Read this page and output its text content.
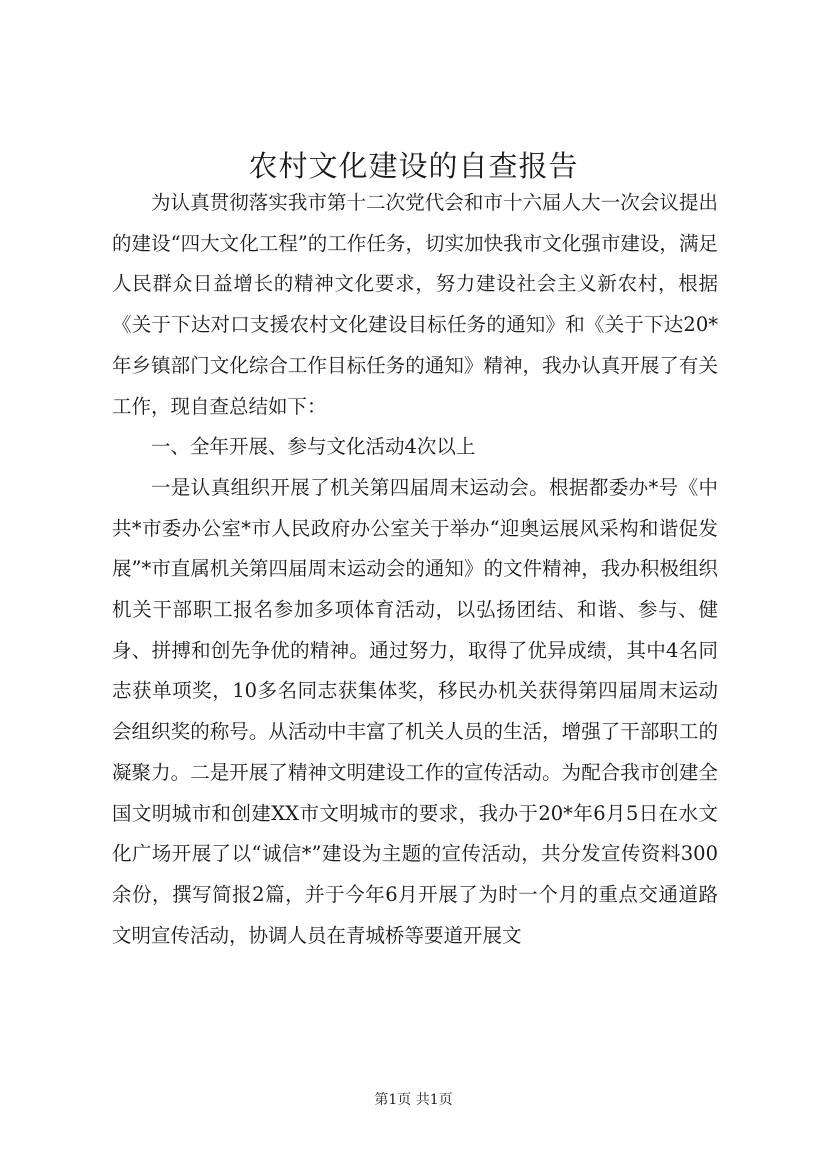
农村文化建设的自查报告

为认真贯彻落实我市第十二次党代会和市十六届人大一次会议提出的建设“四大文化工程”的工作任务，切实加快我市文化强市建设，满足人民群众日益增长的精神文化要求，努力建设社会主义新农村，根据《关于下达对口支援农村文化建设目标任务的通知》和《关于下达20*年乡镇部门文化综合工作目标任务的通知》精神，我办认真开展了有关工作，现自查总结如下：

一、全年开展、参与文化活动4次以上

一是认真组织开展了机关第四届周末运动会。根据都委办*号《中共*市委办公室*市人民政府办公室关于举办“迎奥运展风采构和谐促发展”*市直属机关第四届周末运动会的通知》的文件精神，我办积极组织机关干部职工报名参加多项体育活动，以弘扬团结、和谐、参与、健身、拼搏和创先争优的精神。通过努力，取得了优异成绩，其中4名同志获单项奖，10多名同志获集体奖，移民办机关获得第四届周末运动会组织奖的称号。从活动中丰富了机关人员的生活，增强了干部职工的凝聚力。二是开展了精神文明建设工作的宣传活动。为配合我市创建全国文明城市和创建XX市文明城市的要求，我办于20*年6月5日在水文化广场开展了以“诚信*”建设为主题的宣传活动，共分发宣传资料300余份，撰写简报2篇，并于今年6月开展了为时一个月的重点交通道路文明宣传活动，协调人员在青城桥等要道开展文

第1页 共1页
